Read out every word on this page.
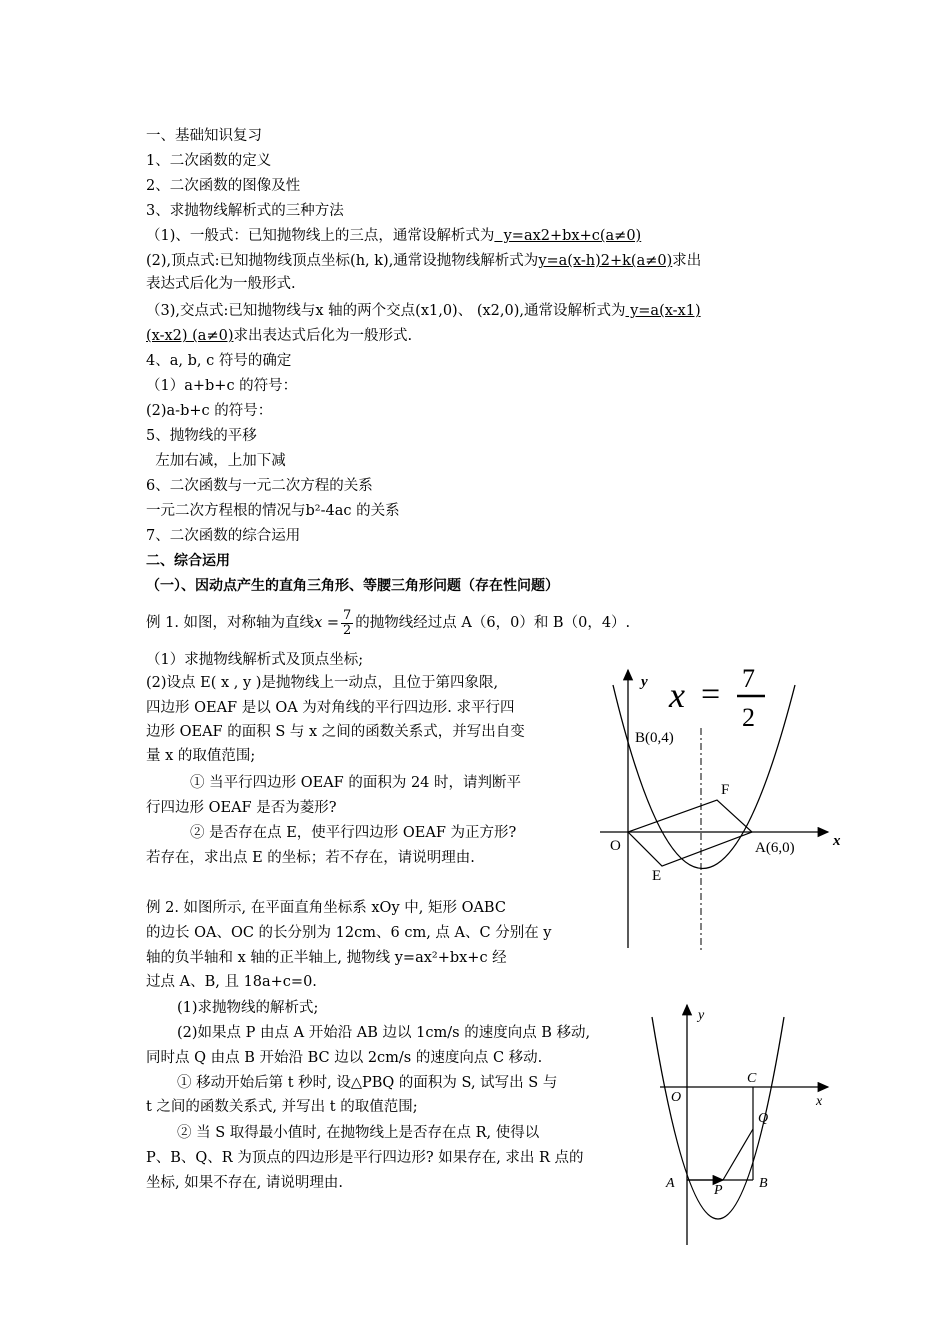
一、基础知识复习
1、二次函数的定义
2、二次函数的图像及性
3、求抛物线解析式的三种方法
（1)、一般式：已知抛物线上的三点，通常设解析式为  y=ax2+bx+c(a≠0)
(2),顶点式:已知抛物线顶点坐标(h, k),通常设抛物线解析式为y=a(x-h)2+k(a≠0)求出
表达式后化为一般形式.
（3),交点式:已知抛物线与x 轴的两个交点(x1,0)、 (x2,0),通常设解析式为 y=a(x-x1)
(x-x2) (a≠0)求出表达式后化为一般形式.
4、a, b, c 符号的确定
（1）a+b+c 的符号：
(2)a-b+c 的符号：
5、抛物线的平移
左加右减，上加下减
6、二次函数与一元二次方程的关系
一元二次方程根的情况与b²-4ac 的关系
7、二次函数的综合运用
二、综合运用
（一）、因动点产生的直角三角形、等腰三角形问题（存在性问题）
例 1. 如图，对称轴为直线$x = \frac{7}{2}$ 的抛物线经过点 A（6，0）和 B（0，4）.
（1）求抛物线解析式及顶点坐标;
(2)设点 E( x , y )是抛物线上一动点，且位于第四象限,
四边形 OEAF 是以 OA 为对角线的平行四边形. 求平行四
边形 OEAF 的面积 S 与 x 之间的函数关系式，并写出自变
量 x 的取值范围;
① 当平行四边形 OEAF 的面积为 24 时，请判断平
行四边形 OEAF 是否为菱形?
② 是否存在点 E，使平行四边形 OEAF 为正方形?
若存在，求出点 E 的坐标；若不存在，请说明理由.
y
x
O
B(0,4)
A(6,0)
E
F
x = 7
2
例 2. 如图所示, 在平面直角坐标系 xOy 中, 矩形 OABC
的边长 OA、OC 的长分别为 12cm、6 cm, 点 A、C 分别在 y
轴的负半轴和 x 轴的正半轴上, 抛物线 y=ax²+bx+c 经
过点 A、B, 且 18a+c=0.
(1)求抛物线的解析式;
(2)如果点 P 由点 A 开始沿 AB 边以 1cm/s 的速度向点 B 移动,
同时点 Q 由点 B 开始沿 BC 边以 2cm/s 的速度向点 C 移动.
① 移动开始后第 t 秒时, 设△PBQ 的面积为 S, 试写出 S 与
t 之间的函数关系式, 并写出 t 的取值范围;
② 当 S 取得最小值时, 在抛物线上是否存在点 R, 使得以
P、B、Q、R 为顶点的四边形是平行四边形? 如果存在, 求出 R 点的
坐标, 如果不存在, 请说明理由.
y
x
O
C
Q
A	P	B
